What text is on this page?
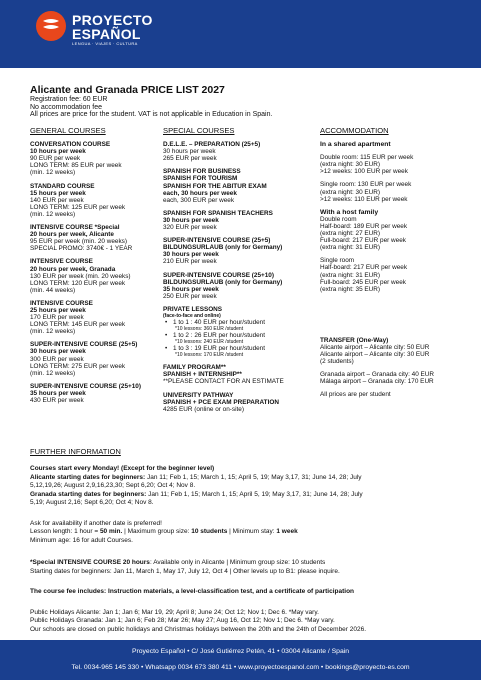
PROYECTO
ESPAÑOL
LENGUA · VIAJES · CULTURA
Alicante and Granada PRICE LIST 2027
Registration fee: 60 EUR
No accommodation fee
All prices are price for the student. VAT is not applicable in Education in Spain.
GENERAL COURSES
CONVERSATION COURSE
10 hours per week
90 EUR per week
LONG TERM: 85 EUR per week
(min. 12 weeks)
STANDARD COURSE
15 hours per week
140 EUR per week
LONG TERM: 125 EUR per week
(min. 12 weeks)
INTENSIVE COURSE *Special
20 hours per week, Alicante
95 EUR per week (min. 20 weeks)
SPECIAL PROMO: 3740€ - 1 YEAR
INTENSIVE COURSE
20 hours per week, Granada
130 EUR per week (min. 20 weeks)
LONG TERM: 120 EUR per week
(min. 44 weeks)
INTENSIVE COURSE
25 hours per week
170 EUR per week
LONG TERM: 145 EUR per week
(min. 12 weeks)
SUPER-INTENSIVE COURSE (25+5)
30 hours per week
300 EUR per week
LONG TERM: 275 EUR per week
(min. 12 weeks)
SUPER-INTENSIVE COURSE (25+10)
35 hours per week
430 EUR per week
SPECIAL COURSES
D.E.L.E. – PREPARATION (25+5)
30 hours per week
265 EUR per week
SPANISH FOR BUSINESS
SPANISH FOR TOURISM
SPANISH FOR THE ABITUR EXAM
each, 30 hours per week
each, 300 EUR per week
SPANISH FOR SPANISH TEACHERS
30 hours per week
320 EUR per week
SUPER-INTENSIVE COURSE (25+5)
BILDUNGSURLAUB (only for Germany)
30 hours per week
210 EUR per week
SUPER-INTENSIVE COURSE (25+10)
BILDUNGSURLAUB (only for Germany)
35 hours per week
250 EUR per week
PRIVATE LESSONS
(face-to-face and online)
• 1 to 1 : 40 EUR per hour/student
*10 lessons: 360 EUR /student
• 1 to 2 : 26 EUR per hour/student
*10 lessons: 240 EUR /student
• 1 to 3 : 19 EUR per hour/student
*10 lessons: 170 EUR /student
FAMILY PROGRAM**
SPANISH + INTERNSHIP**
**PLEASE CONTACT FOR AN ESTIMATE
UNIVERSITY PATHWAY
SPANISH + PCE EXAM PREPARATION
4285 EUR (online or on-site)
ACCOMMODATION
In a shared apartment
Double room: 115 EUR per week
(extra night: 30 EUR)
>12 weeks: 100 EUR per week
Single room: 130 EUR per week
(extra night: 30 EUR)
>12 weeks: 110 EUR per week
With a host family
Double room
Half-board: 189 EUR per week
(extra night: 27 EUR)
Full-board: 217 EUR per week
(extra night: 31 EUR)
Single room
Half-board: 217 EUR per week
(extra night: 31 EUR)
Full-board: 245 EUR per week
(extra night: 35 EUR)
TRANSFER (One-Way)
Alicante airport – Alicante city: 50 EUR
Alicante airport – Alicante city: 30 EUR
(2 students)
Granada airport – Granada city: 40 EUR
Málaga airport – Granada city: 170 EUR
All prices are per student
FURTHER INFORMATION
Courses start every Monday! (Except for the beginner level)
Alicante starting dates for beginners: Jan 11; Feb 1, 15; March 1, 15; April 5, 19; May 3,17, 31; June 14, 28; July
5,12,19,26; August 2,9,16,23,30; Sept 6,20; Oct 4; Nov 8.
Granada starting dates for beginners: Jan 11; Feb 1, 15; March 1, 15; April 5, 19; May 3,17, 31; June 14, 28; July
5,19; August 2,16; Sept 6,20; Oct 4; Nov 8.
Ask for availability if another date is preferred!
Lesson length: 1 hour = 50 min. | Maximum group size: 10 students | Minimum stay: 1 week
Minimum age: 16 for adult Courses.
*Special INTENSIVE COURSE 20 hours: Available only in Alicante | Minimum group size: 10 students
Starting dates for beginners: Jan 11, March 1, May 17, July 12, Oct 4 | Other levels up to B1: please inquire.
The course fee includes: Instruction materials, a level-classification test, and a certificate of participation
Public Holidays Alicante: Jan 1; Jan 6; Mar 19, 29; April 8; June 24; Oct 12; Nov 1; Dec 6. *May vary.
Public Holidays Granada: Jan 1; Jan 6; Feb 28; Mar 26; May 27; Aug 16, Oct 12; Nov 1; Dec 6. *May vary.
Our schools are closed on public holidays and Christmas holidays between the 20th and the 24th of December 2026.
Proyecto Español • C/ José Gutiérrez Petén, 41 • 03004 Alicante / Spain
Tel. 0034-965 145 330 • Whatsapp 0034 673 380 411 • www.proyectoespanol.com • bookings@proyecto-es.com
